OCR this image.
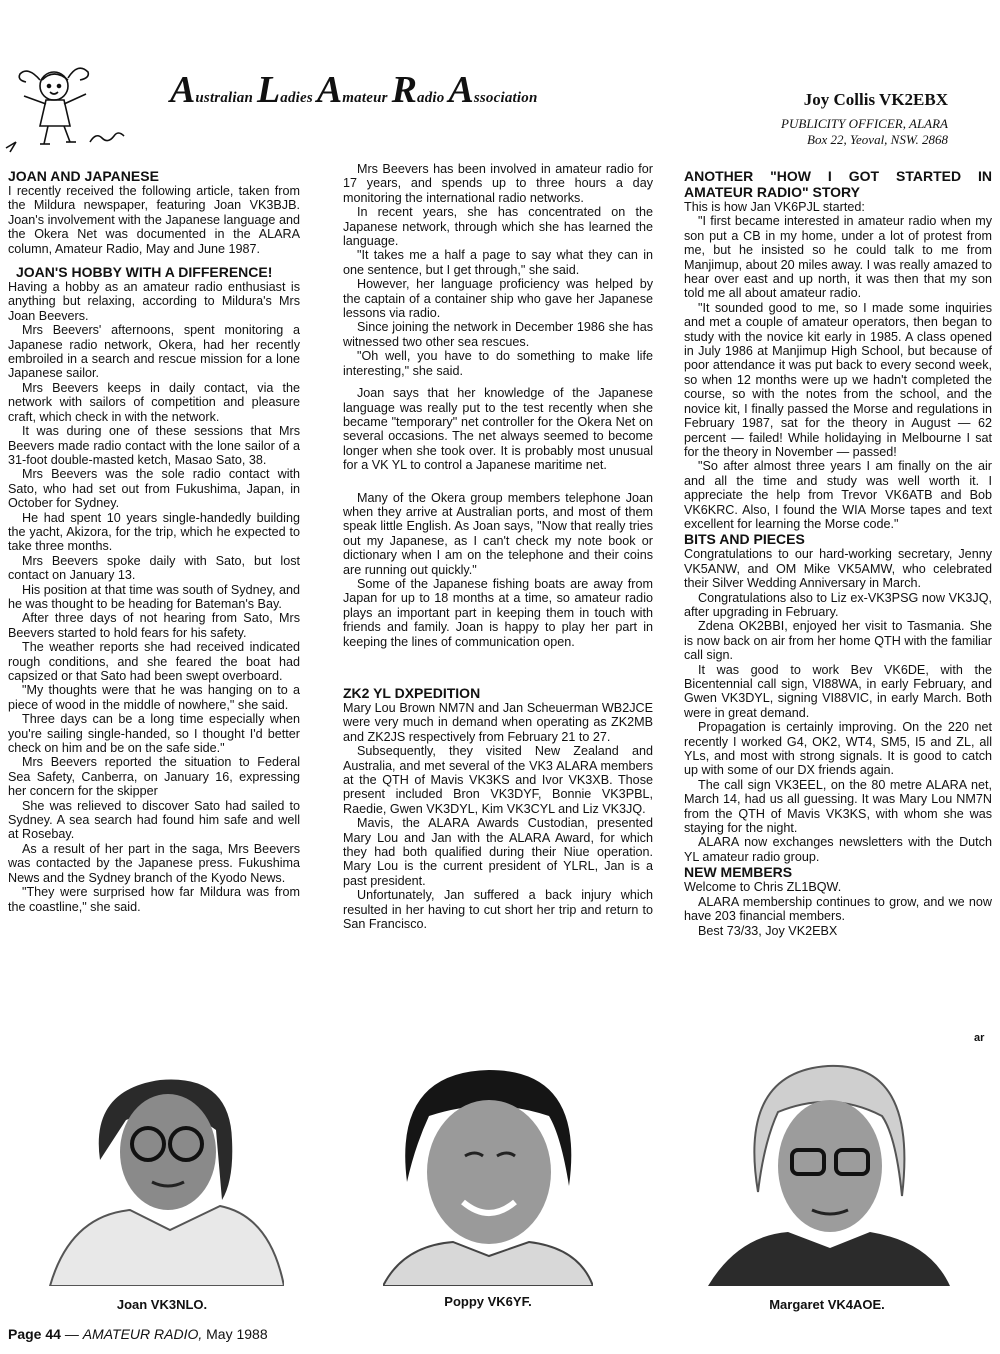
Australian Ladies Amateur Radio Association	Joy Collis VK2EBX
PUBLICITY OFFICER, ALARA
Box 22, Yeoval, NSW. 2868
JOAN AND JAPANESE

I recently received the following article, taken from the Mildura newspaper, featuring Joan VK3BJB. Joan's involvement with the Japanese language and the Okera Net was documented in the ALARA column, Amateur Radio, May and June 1987.

JOAN'S HOBBY WITH A DIFFERENCE!

Having a hobby as an amateur radio enthusiast is anything but relaxing, according to Mildura's Mrs Joan Beevers.

Mrs Beevers' afternoons, spent monitoring a Japanese radio network, Okera, had her recently embroiled in a search and rescue mission for a lone Japanese sailor.

Mrs Beevers keeps in daily contact, via the network with sailors of competition and pleasure craft, which check in with the network.

It was during one of these sessions that Mrs Beevers made radio contact with the lone sailor of a 31-foot double-masted ketch, Masao Sato, 38.

Mrs Beevers was the sole radio contact with Sato, who had set out from Fukushima, Japan, in October for Sydney.

He had spent 10 years single-handedly building the yacht, Akizora, for the trip, which he expected to take three months.

Mrs Beevers spoke daily with Sato, but lost contact on January 13.

His position at that time was south of Sydney, and he was thought to be heading for Bateman's Bay.

After three days of not hearing from Sato, Mrs Beevers started to hold fears for his safety.

The weather reports she had received indicated rough conditions, and she feared the boat had capsized or that Sato had been swept overboard.

"My thoughts were that he was hanging on to a piece of wood in the middle of nowhere," she said.

Three days can be a long time especially when you're sailing single-handed, so I thought I'd better check on him and be on the safe side."

Mrs Beevers reported the situation to Federal Sea Safety, Canberra, on January 16, expressing her concern for the skipper

She was relieved to discover Sato had sailed to Sydney. A sea search had found him safe and well at Rosebay.

As a result of her part in the saga, Mrs Beevers was contacted by the Japanese press. Fukushima News and the Sydney branch of the Kyodo News.

"They were surprised how far Mildura was from the coastline," she said.

Mrs Beevers has been involved in amateur radio for 17 years, and spends up to three hours a day monitoring the international radio networks.

In recent years, she has concentrated on the Japanese network, through which she has learned the language.

"It takes me a half a page to say what they can in one sentence, but I get through," she said.

However, her language proficiency was helped by the captain of a container ship who gave her Japanese lessons via radio.

Since joining the network in December 1986 she has witnessed two other sea rescues.

"Oh well, you have to do something to make life interesting," she said.

Joan says that her knowledge of the Japanese language was really put to the test recently when she became "temporary" net controller for the Okera Net on several occasions. The net always seemed to become longer when she took over. It is probably most unusual for a VK YL to control a Japanese maritime net.

Many of the Okera group members telephone Joan when they arrive at Australian ports, and most of them speak little English. As Joan says, "Now that really tries out my Japanese, as I can't check my note book or dictionary when I am on the telephone and their coins are running out quickly."

Some of the Japanese fishing boats are away from Japan for up to 18 months at a time, so amateur radio plays an important part in keeping them in touch with friends and family. Joan is happy to play her part in keeping the lines of communication open.

ZK2 YL DXPEDITION

Mary Lou Brown NM7N and Jan Scheuerman WB2JCE were very much in demand when operating as ZK2MB and ZK2JS respectively from February 21 to 27.

Subsequently, they visited New Zealand and Australia, and met several of the VK3 ALARA members at the QTH of Mavis VK3KS and Ivor VK3XB. Those present included Bron VK3DYF, Bonnie VK3PBL, Raedie, Gwen VK3DYL, Kim VK3CYL and Liz VK3JQ.

Mavis, the ALARA Awards Custodian, presented Mary Lou and Jan with the ALARA Award, for which they had both qualified during their Niue operation. Mary Lou is the current president of YLRL, Jan is a past president.

Unfortunately, Jan suffered a back injury which resulted in her having to cut short her trip and return to San Francisco.

ANOTHER "HOW I GOT STARTED IN AMATEUR RADIO" STORY

This is how Jan VK6PJL started:

"I first became interested in amateur radio when my son put a CB in my home, under a lot of protest from me, but he insisted so he could talk to me from Manjimup, about 20 miles away. I was really amazed to hear over east and up north, it was then that my son told me all about amateur radio.

"It sounded good to me, so I made some inquiries and met a couple of amateur operators, then began to study with the novice kit early in 1985. A class opened in July 1986 at Manjimup High School, but because of poor attendance it was put back to every second week, so when 12 months were up we hadn't completed the course, so with the notes from the school, and the novice kit, I finally passed the Morse and regulations in February 1987, sat for the theory in August — 62 percent — failed! While holidaying in Melbourne I sat for the theory in November — passed!

"So after almost three years I am finally on the air and all the time and study was well worth it. I appreciate the help from Trevor VK6ATB and Bob VK6KRC. Also, I found the WIA Morse tapes and text excellent for learning the Morse code."

BITS AND PIECES

Congratulations to our hard-working secretary, Jenny VK5ANW, and OM Mike VK5AMW, who celebrated their Silver Wedding Anniversary in March.

Congratulations also to Liz ex-VK3PSG now VK3JQ, after upgrading in February.

Zdena OK2BBI, enjoyed her visit to Tasmania. She is now back on air from her home QTH with the familiar call sign.

It was good to work Bev VK6DE, with the Bicentennial call sign, VI88WA, in early February, and Gwen VK3DYL, signing VI88VIC, in early March. Both were in great demand.

Propagation is certainly improving. On the 220 net recently I worked G4, OK2, WT4, SM5, I5 and ZL, all YLs, and most with strong signals. It is good to catch up with some of our DX friends again.

The call sign VK3EEL, on the 80 metre ALARA net, March 14, had us all guessing. It was Mary Lou NM7N from the QTH of Mavis VK3KS, with whom she was staying for the night.

ALARA now exchanges newsletters with the Dutch YL amateur radio group.

NEW MEMBERS

Welcome to Chris ZL1BQW.

ALARA membership continues to grow, and we now have 203 financial members.

Best 73/33, Joy VK2EBX

ar
Joan VK3NLO.	Poppy VK6YF.	Margaret VK4AOE.
Page 44 — AMATEUR RADIO, May 1988
